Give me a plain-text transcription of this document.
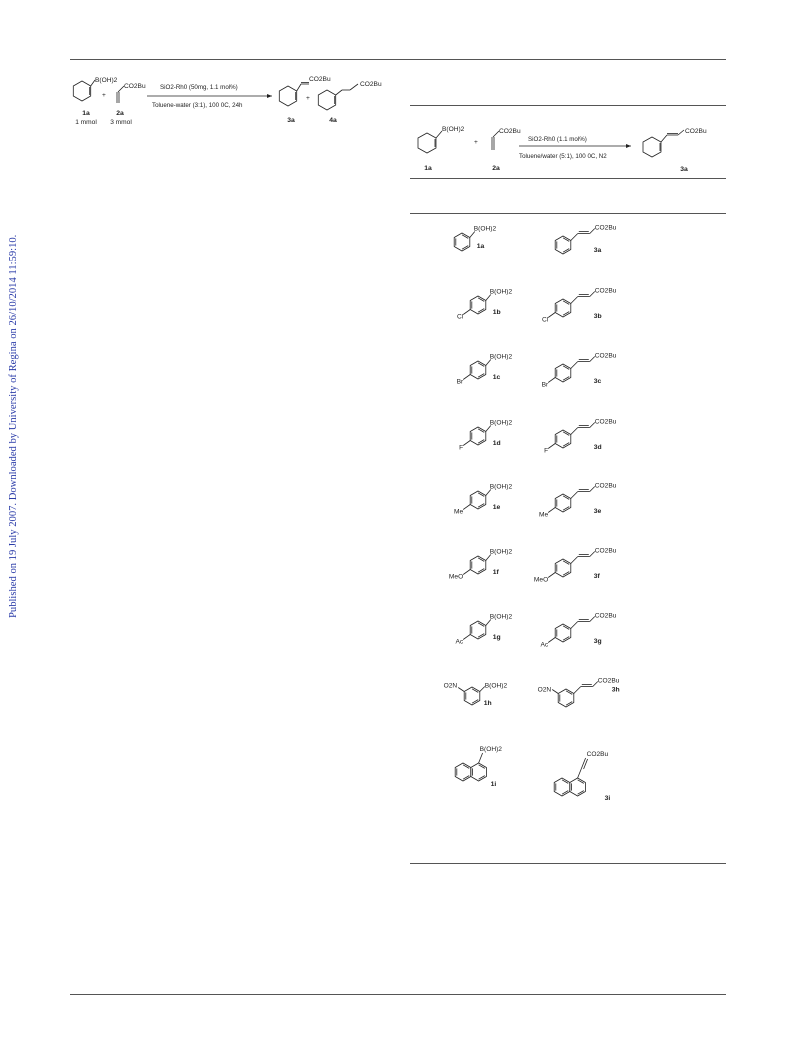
Published on 19 July 2007. Downloaded by University of Regina on 26/10/2014 11:59:10.
B(OH)2
1a
1 mmol
+
CO2Bu
2a
3 mmol
SiO2-Rh0 (50mg, 1.1 mol%)
Toluene-water (3:1), 100 0C, 24h
CO2Bu
3a
+
CO2Bu
4a
B(OH)2
1a
+
CO2Bu
2a
SiO2-Rh0 (1.1 mol%)
Toluene/water (5:1), 100 0C, N2
CO2Bu
3a
B(OH)2
1a
CO2Bu
3a
Cl
B(OH)2
1b
Cl
CO2Bu
3b
Br
B(OH)2
1c
Br
CO2Bu
3c
F
B(OH)2
1d
F
CO2Bu
3d
Me
B(OH)2
1e
Me
CO2Bu
3e
MeO
B(OH)2
1f
MeO
CO2Bu
3f
Ac
B(OH)2
1g
Ac
CO2Bu
3g
O2N	B(OH)2
1h
O2N
CO2Bu
3h
B(OH)2
1i
CO2Bu
3i
